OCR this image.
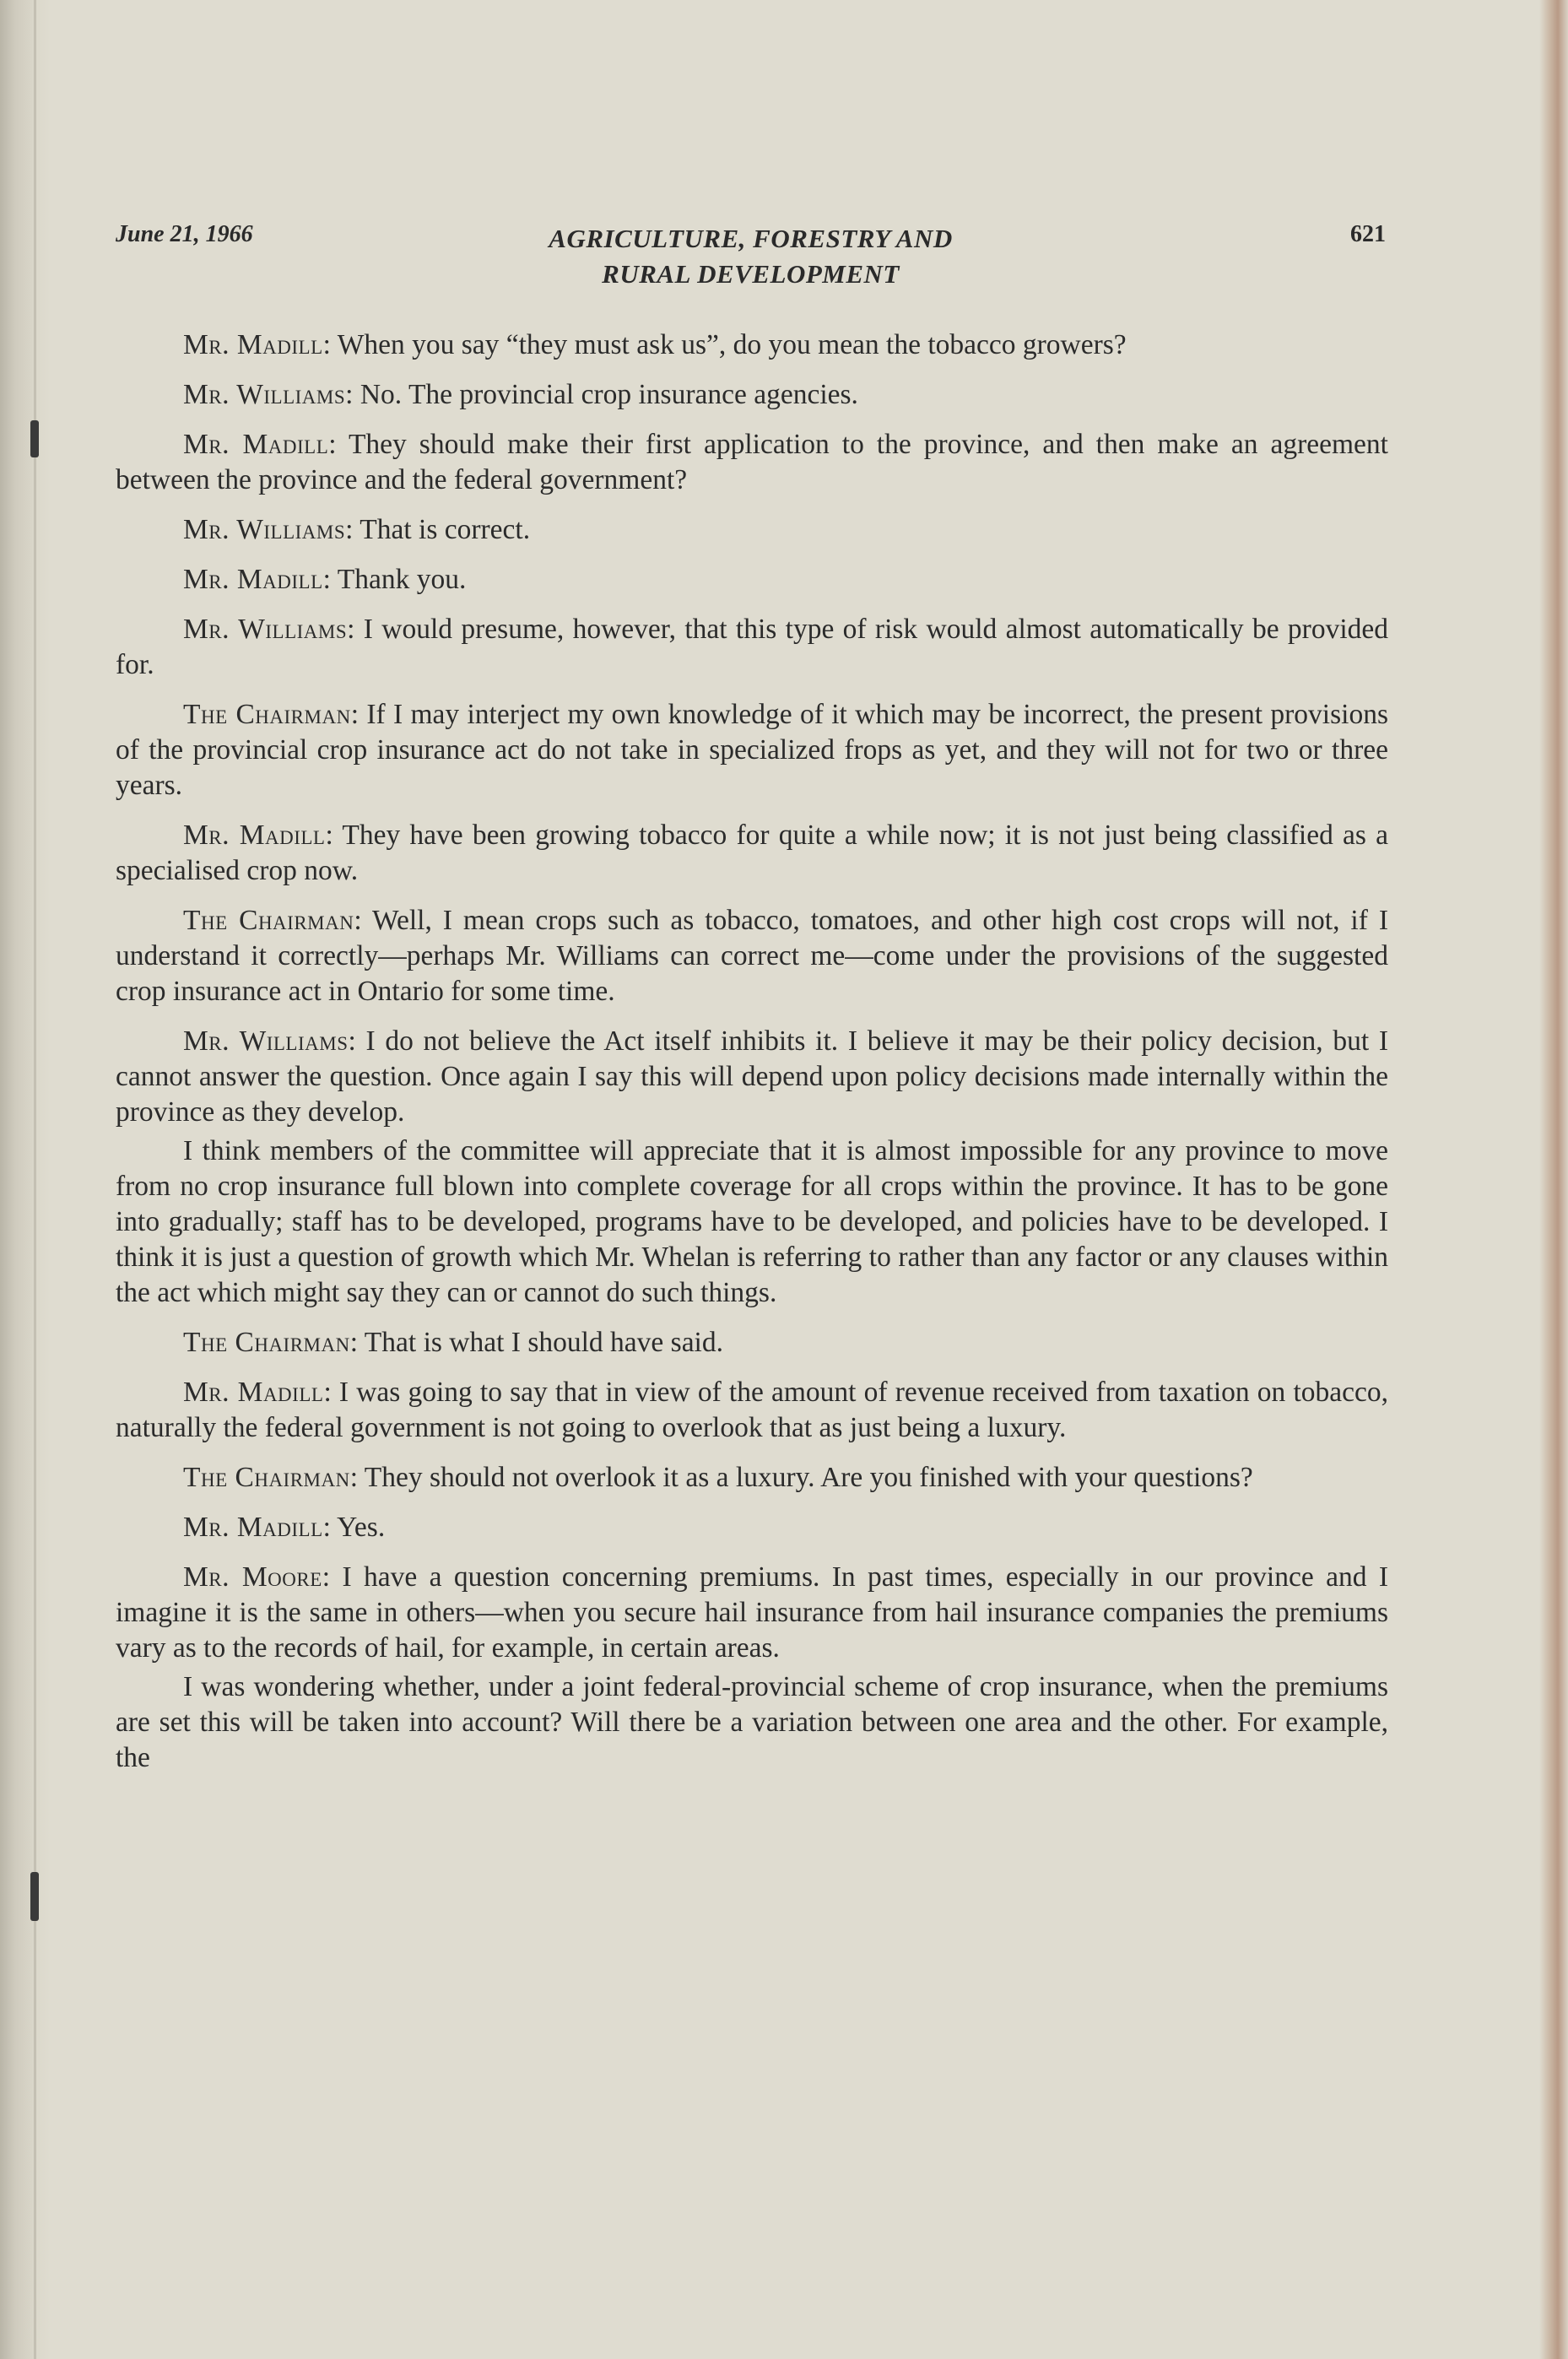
June 21, 1966	AGRICULTURE, FORESTRY AND
RURAL DEVELOPMENT
621

Mr. Madill: When you say “they must ask us”, do you mean the tobacco growers?

Mr. Williams: No. The provincial crop insurance agencies.

Mr. Madill: They should make their first application to the province, and then make an agreement between the province and the federal government?

Mr. Williams: That is correct.

Mr. Madill: Thank you.

Mr. Williams: I would presume, however, that this type of risk would almost automatically be provided for.

The Chairman: If I may interject my own knowledge of it which may be incorrect, the present provisions of the provincial crop insurance act do not take in specialized frops as yet, and they will not for two or three years.

Mr. Madill: They have been growing tobacco for quite a while now; it is not just being classified as a specialised crop now.

The Chairman: Well, I mean crops such as tobacco, tomatoes, and other high cost crops will not, if I understand it correctly—perhaps Mr. Williams can correct me—come under the provisions of the suggested crop insurance act in Ontario for some time.

Mr. Williams: I do not believe the Act itself inhibits it. I believe it may be their policy decision, but I cannot answer the question. Once again I say this will depend upon policy decisions made internally within the province as they develop.

I think members of the committee will appreciate that it is almost impossible for any province to move from no crop insurance full blown into complete coverage for all crops within the province. It has to be gone into gradually; staff has to be developed, programs have to be developed, and policies have to be developed. I think it is just a question of growth which Mr. Whelan is referring to rather than any factor or any clauses within the act which might say they can or cannot do such things.

The Chairman: That is what I should have said.

Mr. Madill: I was going to say that in view of the amount of revenue received from taxation on tobacco, naturally the federal government is not going to overlook that as just being a luxury.

The Chairman: They should not overlook it as a luxury. Are you finished with your questions?

Mr. Madill: Yes.

Mr. Moore: I have a question concerning premiums. In past times, especially in our province and I imagine it is the same in others—when you secure hail insurance from hail insurance companies the premiums vary as to the records of hail, for example, in certain areas.

I was wondering whether, under a joint federal-provincial scheme of crop insurance, when the premiums are set this will be taken into account? Will there be a variation between one area and the other. For example, the
